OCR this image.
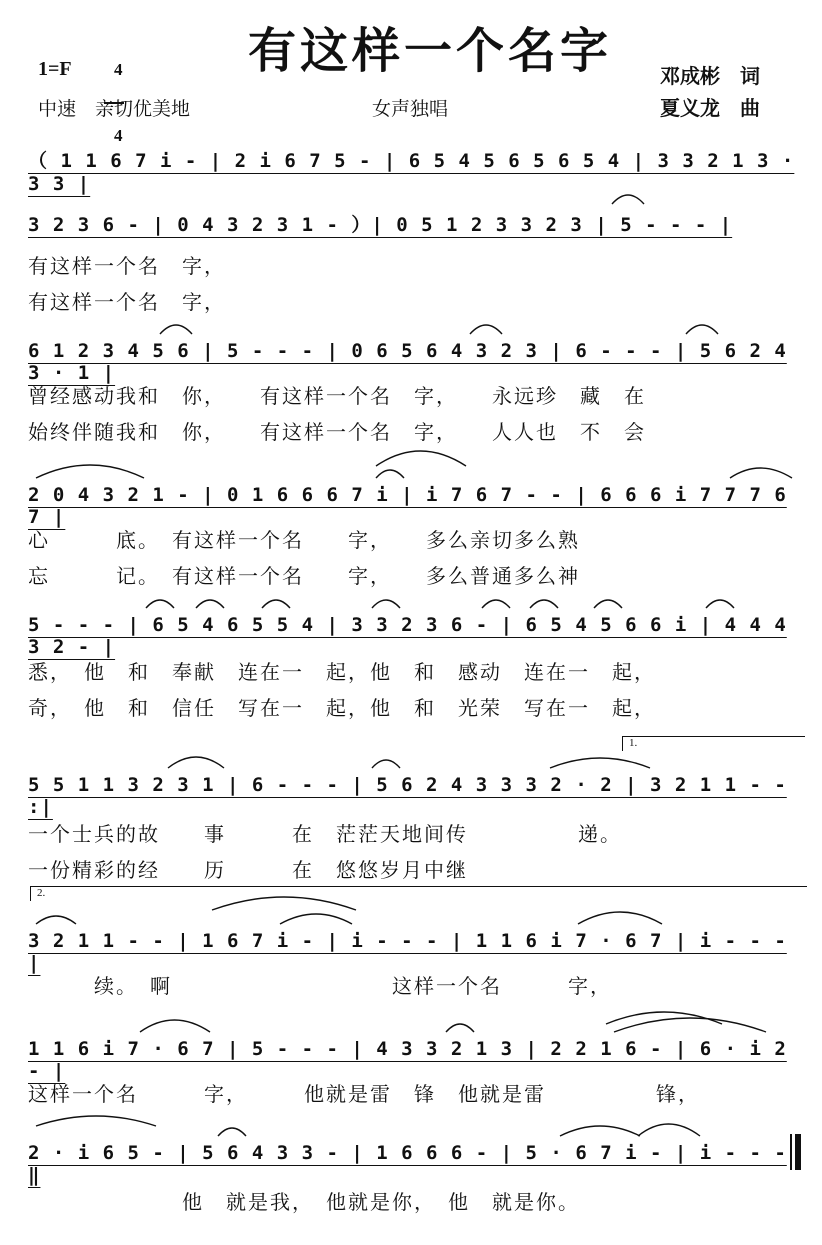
有这样一个名字
1=F	4

4

中速　亲切优美地	女声独唱
邓成彬　词
夏义龙　曲
（ 1 1 6 7 i - | 2 i 6 7 5 - | 6 5 4 5 6 5 6 5 4 | 3 3 2 1 3 · 3 3 |
3 2 3 6 - | 0 4 3 2 3 1 - ）| 0 5 1 2 3 3 2 3 | 5 - - - |
有这样一个名　字，
有这样一个名　字，
6 1 2 3 4 5 6 | 5 - - - | 0 6 5 6 4 3 2 3 | 6 - - - | 5 6 2 4 3 · 1 |
曾经感动我和　你，　　有这样一个名　字，　　永远珍　藏　在
始终伴随我和　你，　　有这样一个名　字，　　人人也　不　会
2 0 4 3 2 1 - | 0 1 6 6 6 7 i | i 7 6 7 - - | 6 6 6 i 7 7 7 6 7 |
心　　　底。　有这样一个名　　字，　　多么亲切多么熟
忘　　　记。　有这样一个名　　字，　　多么普通多么神
5 - - - | 6 5 4 6 5 5 4 | 3 3 2 3 6 - | 6 5 4 5 6 6 i | 4 4 4 3 2 - |
悉，　他　和　奉献　连在一　起，他　和　感动　连在一　起，
奇，　他　和　信任　写在一　起，他　和　光荣　写在一　起，
1.
5 5 1 1 3 2 3 1 | 6 - - - | 5 6 2 4 3 3 3 2 · 2 | 3 2 1 1 - - :|
一个士兵的故　　事　　　在　茫茫天地间传　　　　　递。
一份精彩的经　　历　　　在　悠悠岁月中继
2.
3 2 1 1 - - | 1 6 7 i - | i - - - | 1 1 6 i 7 · 6 7 | i - - - |
　　　续。　啊　　　　　　　　　　这样一个名　　　字，
1 1 6 i 7 · 6 7 | 5 - - - | 4 3 3 2 1 3 | 2 2 1 6 - | 6 · i 2 - |
这样一个名　　　字，　　　他就是雷　锋　他就是雷　　　　　锋，
2 · i 6 5 - | 5 6 4 3 3 - | 1 6 6 6 - | 5 · 6 7 i - | i - - - ‖
　　　　　　　他　就是我，　他就是你，　他　就是你。
